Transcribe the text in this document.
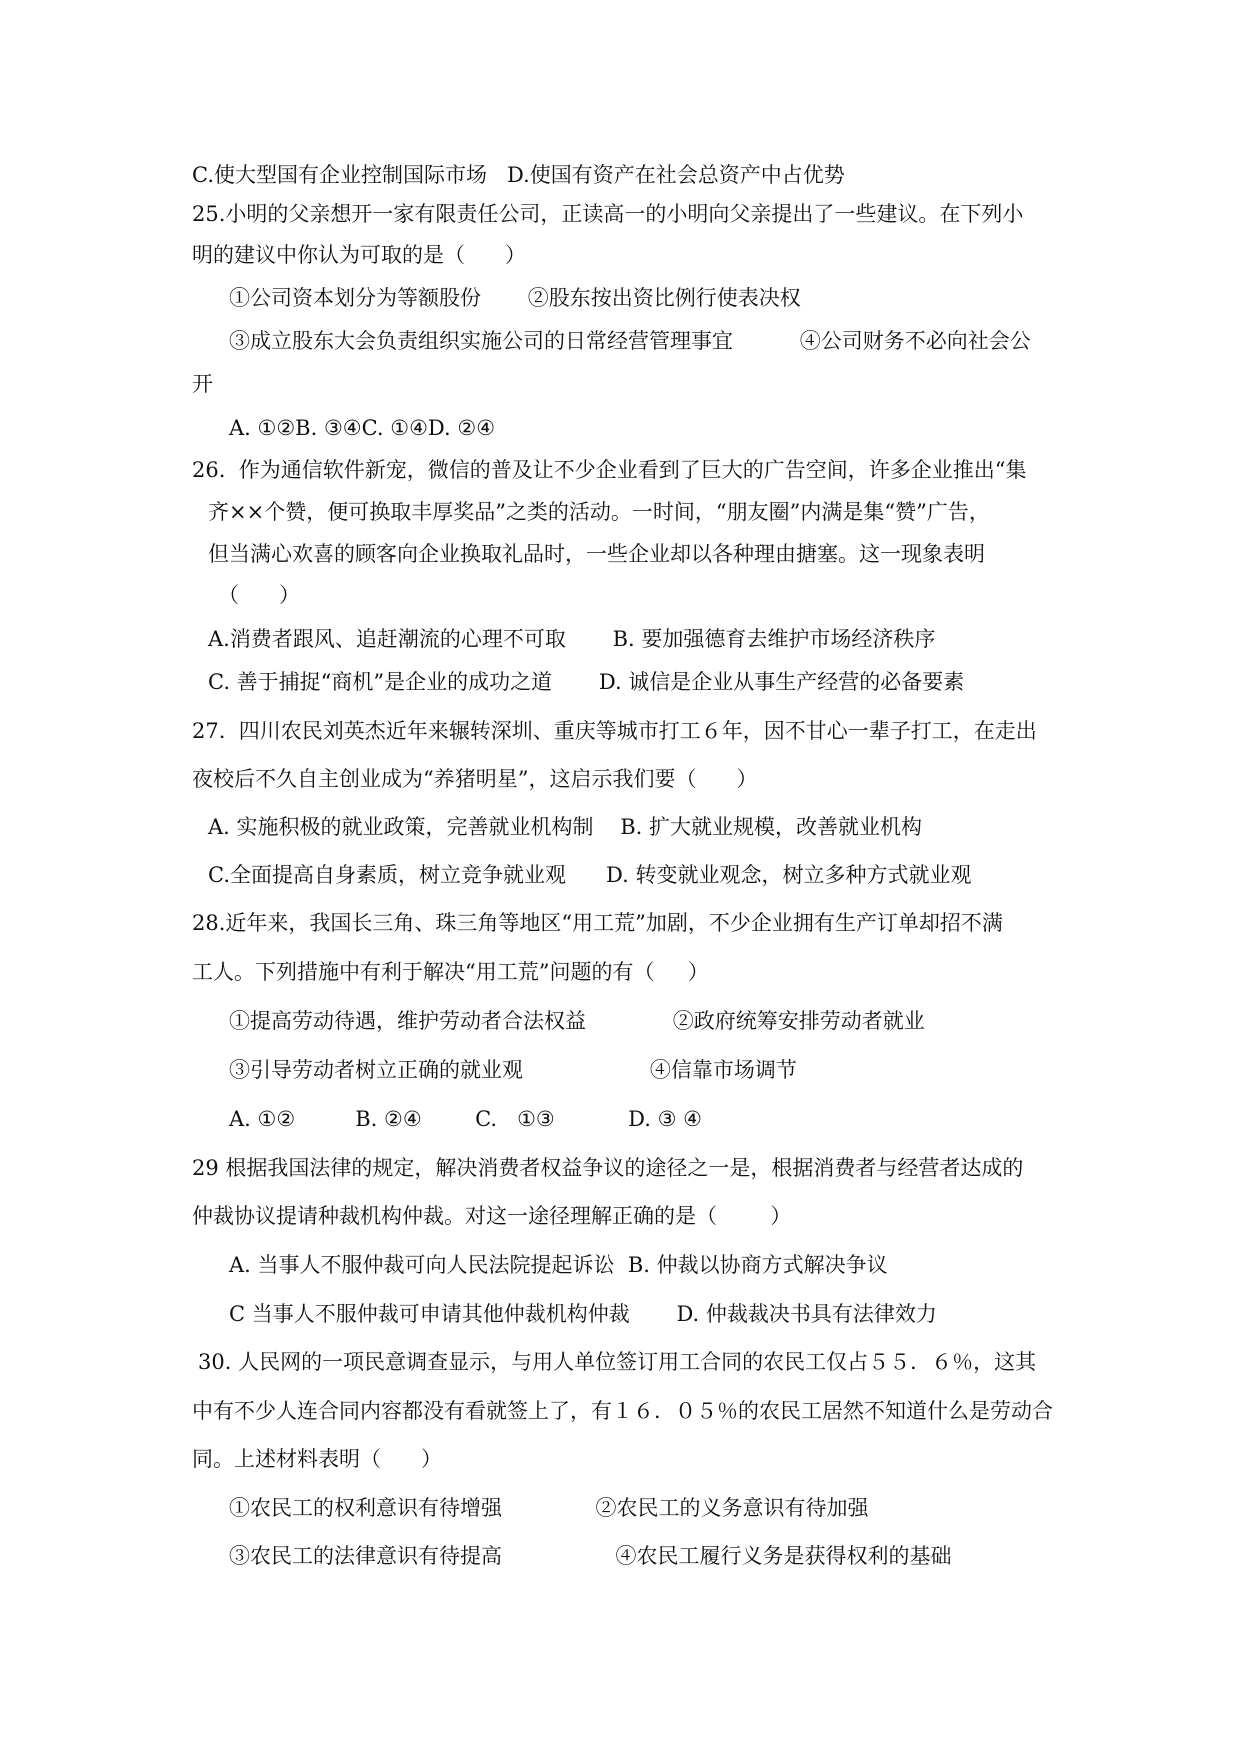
C.使大型国有企业控制国际市场   D.使国有资产在社会总资产中占优势
25.小明的父亲想开一家有限责任公司，正读高一的小明向父亲提出了一些建议。在下列小
明的建议中你认为可取的是（      ）
①公司资本划分为等额股份       ②股东按出资比例行使表决权
③成立股东大会负责组织实施公司的日常经营管理事宜          ④公司财务不必向社会公
开
A. ①②B. ③④C. ①④D. ②④
26.  作为通信软件新宠，微信的普及让不少企业看到了巨大的广告空间，许多企业推出“集
齐××个赞，便可换取丰厚奖品”之类的活动。一时间，“朋友圈”内满是集“赞”广告，
但当满心欢喜的顾客向企业换取礼品时，一些企业却以各种理由搪塞。这一现象表明
（      ）
A.消费者跟风、追赶潮流的心理不可取       B. 要加强德育去维护市场经济秩序
C. 善于捕捉“商机”是企业的成功之道       D. 诚信是企业从事生产经营的必备要素
27.  四川农民刘英杰近年来辗转深圳、重庆等城市打工６年，因不甘心一辈子打工，在走出
夜校后不久自主创业成为“养猪明星”，这启示我们要（      ）
A. 实施积极的就业政策，完善就业机构制    B. 扩大就业规模，改善就业机构
C.全面提高自身素质，树立竞争就业观      D. 转变就业观念，树立多种方式就业观
28.近年来，我国长三角、珠三角等地区“用工荒”加剧，不少企业拥有生产订单却招不满
工人。下列措施中有利于解决“用工荒”问题的有（     ）
①提高劳动待遇，维护劳动者合法权益             ②政府统筹安排劳动者就业
③引导劳动者树立正确的就业观                   ④信靠市场调节
A. ①②         B. ②④        C.   ①③           D. ③ ④
29 根据我国法律的规定，解决消费者权益争议的途径之一是，根据消费者与经营者达成的
仲裁协议提请种裁机构仲裁。对这一途径理解正确的是（        ）
A. 当事人不服仲裁可向人民法院提起诉讼  B. 仲裁以协商方式解决争议
C 当事人不服仲裁可申请其他仲裁机构仲裁       D. 仲裁裁决书具有法律效力
30. 人民网的一项民意调查显示，与用人单位签订用工合同的农民工仅占５５．６％，这其
中有不少人连合同内容都没有看就签上了，有１６．０５％的农民工居然不知道什么是劳动合
同。上述材料表明（      ）
①农民工的权利意识有待增强              ②农民工的义务意识有待加强
③农民工的法律意识有待提高                 ④农民工履行义务是获得权利的基础
